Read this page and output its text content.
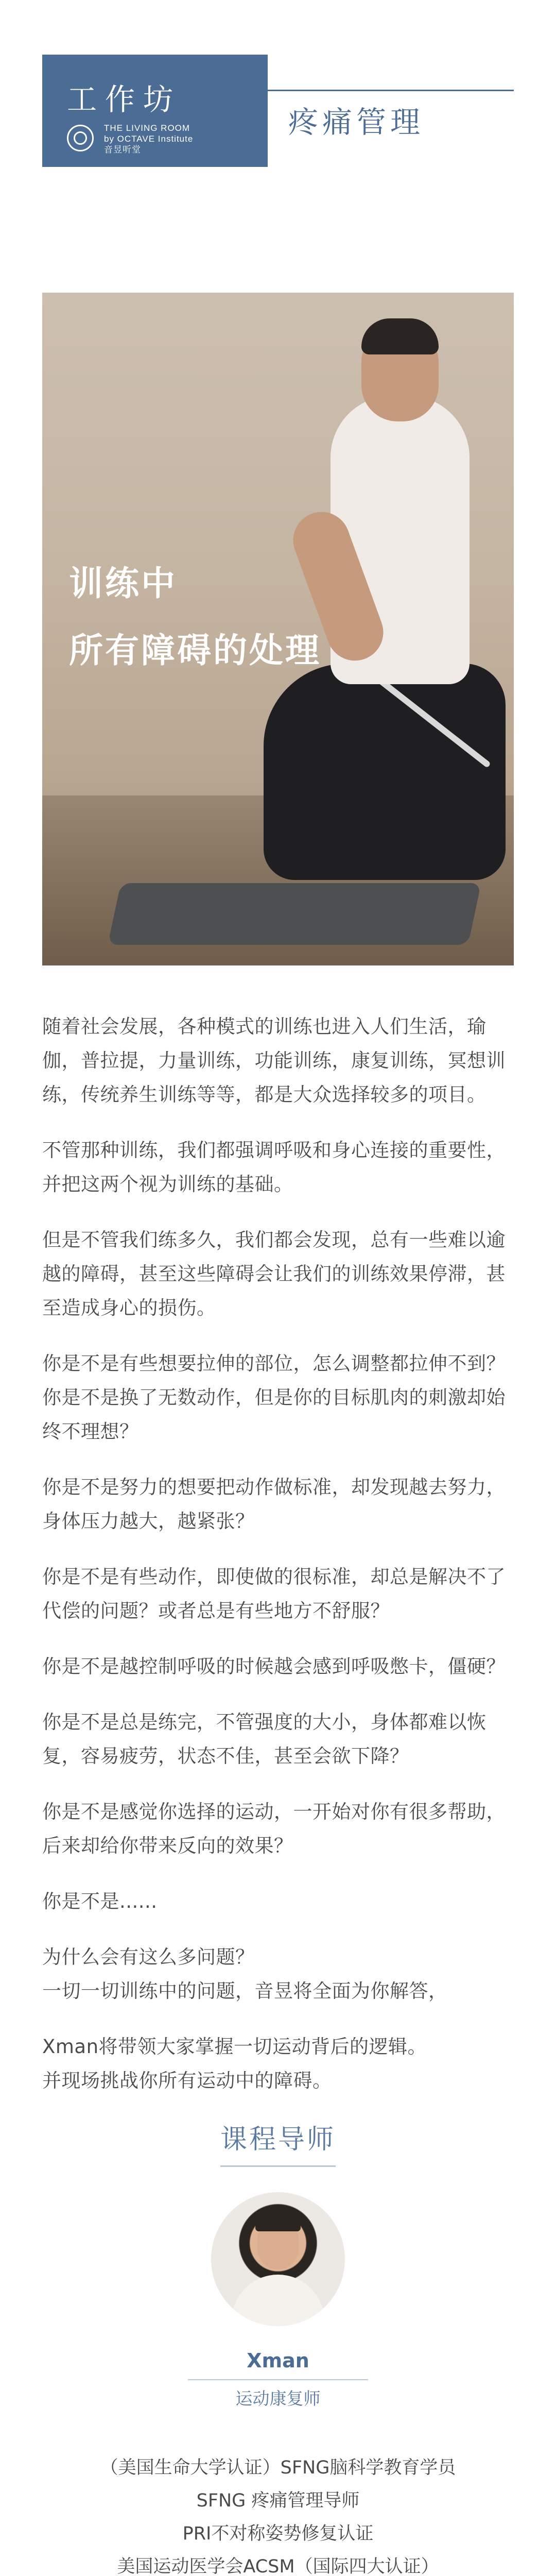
工作坊
THE LIVING ROOM
by OCTAVE Institute
音昱听堂
疼痛管理
训练中
所有障碍的处理

随着社会发展，各种模式的训练也进入人们生活，瑜伽，普拉提，力量训练，功能训练，康复训练，冥想训练，传统养生训练等等，都是大众选择较多的项目。

不管那种训练，我们都强调呼吸和身心连接的重要性，并把这两个视为训练的基础。

但是不管我们练多久，我们都会发现，总有一些难以逾越的障碍，甚至这些障碍会让我们的训练效果停滞，甚至造成身心的损伤。

你是不是有些想要拉伸的部位，怎么调整都拉伸不到？你是不是换了无数动作，但是你的目标肌肉的刺激却始终不理想？

你是不是努力的想要把动作做标准，却发现越去努力，身体压力越大，越紧张？

你是不是有些动作，即使做的很标准，却总是解决不了代偿的问题？或者总是有些地方不舒服？

你是不是越控制呼吸的时候越会感到呼吸憋卡，僵硬？

你是不是总是练完，不管强度的大小，身体都难以恢复，容易疲劳，状态不佳，甚至会欲下降？

你是不是感觉你选择的运动，一开始对你有很多帮助，后来却给你带来反向的效果？

你是不是......

为什么会有这么多问题？
一切一切训练中的问题，音昱将全面为你解答，

Xman将带领大家掌握一切运动背后的逻辑。
并现场挑战你所有运动中的障碍。

课程导师
Xman
运动康复师
（美国生命大学认证）SFNG脑科学教育学员
SFNG 疼痛管理导师
PRI不对称姿势修复认证
美国运动医学会ACSM（国际四大认证）
